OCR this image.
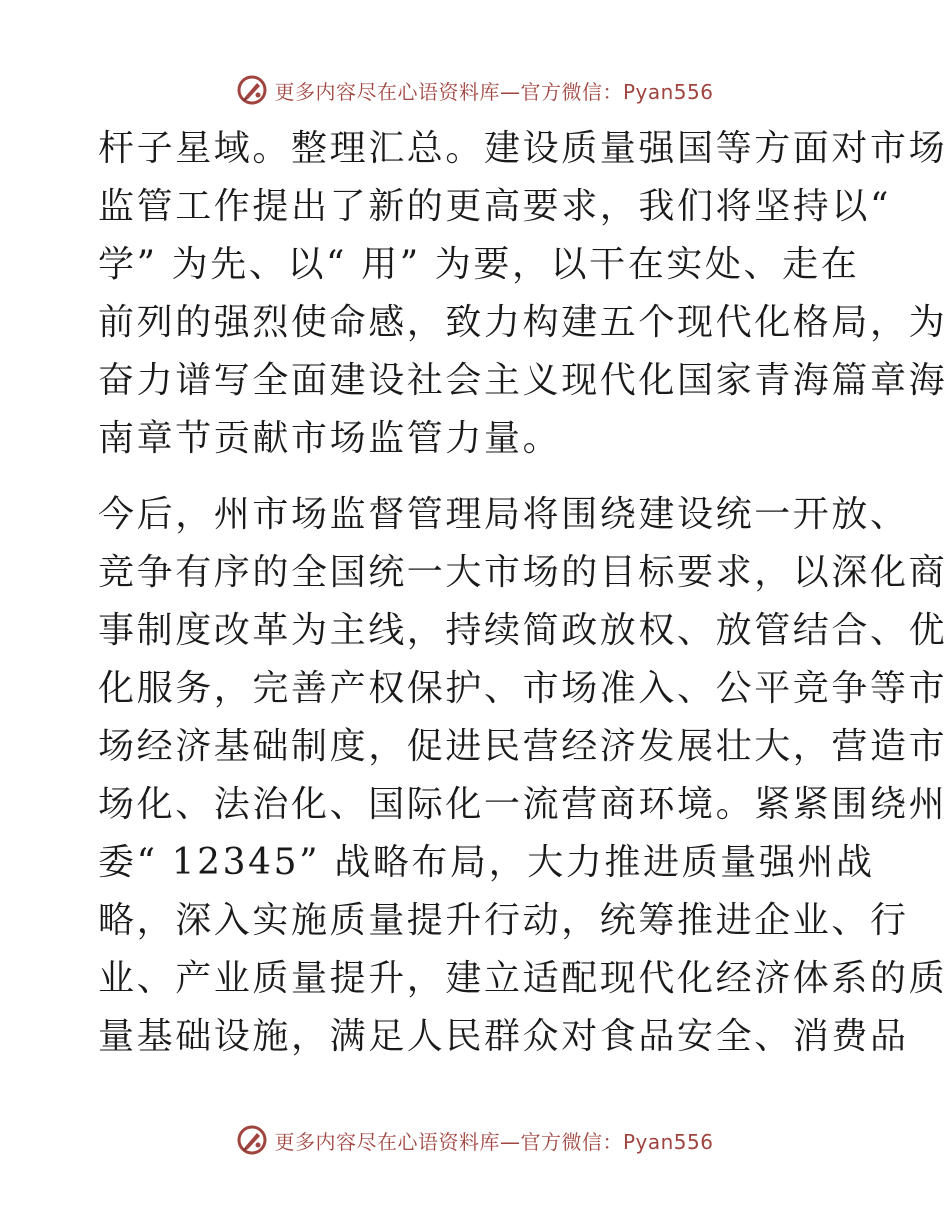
更多内容尽在心语资料库—官方微信：Pyan556
杆子星域。整理汇总。建设质量强国等方面对市场
监管工作提出了新的更高要求，我们将坚持以“
学” 为先、以“ 用” 为要，以干在实处、走在
前列的强烈使命感，致力构建五个现代化格局，为
奋力谱写全面建设社会主义现代化国家青海篇章海
南章节贡献市场监管力量。
今后，州市场监督管理局将围绕建设统一开放、
竞争有序的全国统一大市场的目标要求，以深化商
事制度改革为主线，持续简政放权、放管结合、优
化服务，完善产权保护、市场准入、公平竞争等市
场经济基础制度，促进民营经济发展壮大，营造市
场化、法治化、国际化一流营商环境。紧紧围绕州
委“ 12345” 战略布局，大力推进质量强州战
略，深入实施质量提升行动，统筹推进企业、行
业、产业质量提升，建立适配现代化经济体系的质
量基础设施，满足人民群众对食品安全、消费品
更多内容尽在心语资料库—官方微信：Pyan556
